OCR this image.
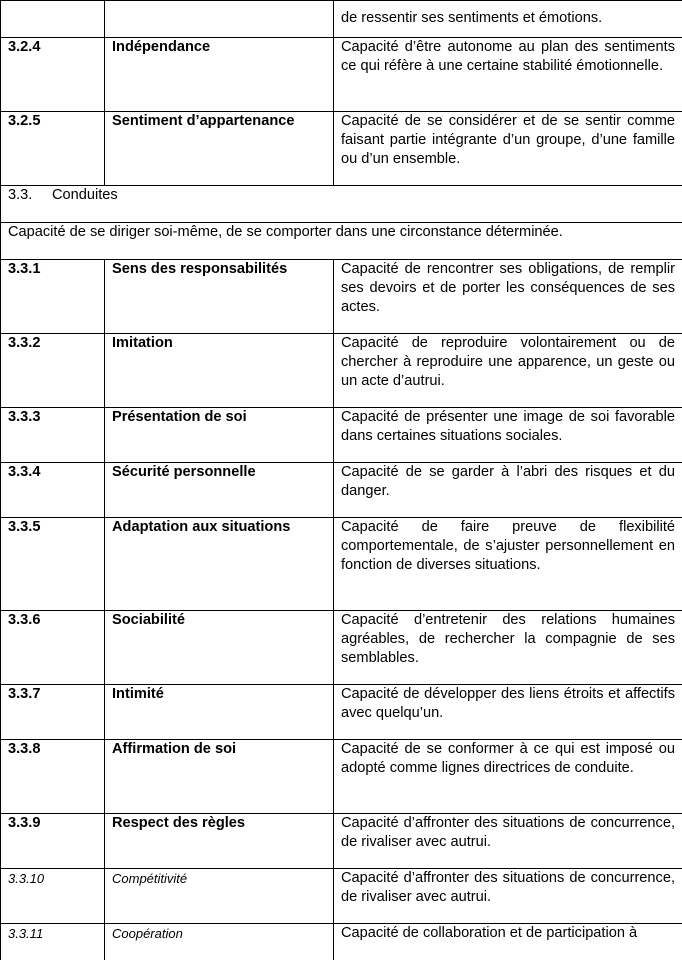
		de ressentir ses sentiments et émotions.
3.2.4	Indépendance	Capacité d’être autonome au plan des sentiments ce qui réfère à une certaine stabilité émotionnelle.
3.2.5	Sentiment d’appartenance	Capacité de se considérer et de se sentir comme faisant partie intégrante d’un groupe, d’une famille ou d’un ensemble.
3.3. Conduites		
Capacité de se diriger soi-même, de se comporter dans une circonstance déterminée.		
3.3.1	Sens des responsabilités	Capacité de rencontrer ses obligations, de remplir ses devoirs et de porter les conséquences de ses actes.
3.3.2	Imitation	Capacité de reproduire volontairement ou de chercher à reproduire une apparence, un geste ou un acte d’autrui.
3.3.3	Présentation de soi	Capacité de présenter une image de soi favorable dans certaines situations sociales.
3.3.4	Sécurité personnelle	Capacité de se garder à l’abri des risques et du danger.
3.3.5	Adaptation aux situations	Capacité de faire preuve de flexibilité comportementale, de s’ajuster personnellement en fonction de diverses situations.
3.3.6	Sociabilité	Capacité d’entretenir des relations humaines agréables, de rechercher la compagnie de ses semblables.
3.3.7	Intimité	Capacité de développer des liens étroits et affectifs avec quelqu’un.
3.3.8	Affirmation de soi	Capacité de se conformer à ce qui est imposé ou adopté comme lignes directrices de conduite.
3.3.9	Respect des règles	Capacité d’affronter des situations de concurrence, de rivaliser avec autrui.
3.3.10	Compétitivité	Capacité d’affronter des situations de concurrence, de rivaliser avec autrui.
3.3.11	Coopération	Capacité de collaboration et de participation à
